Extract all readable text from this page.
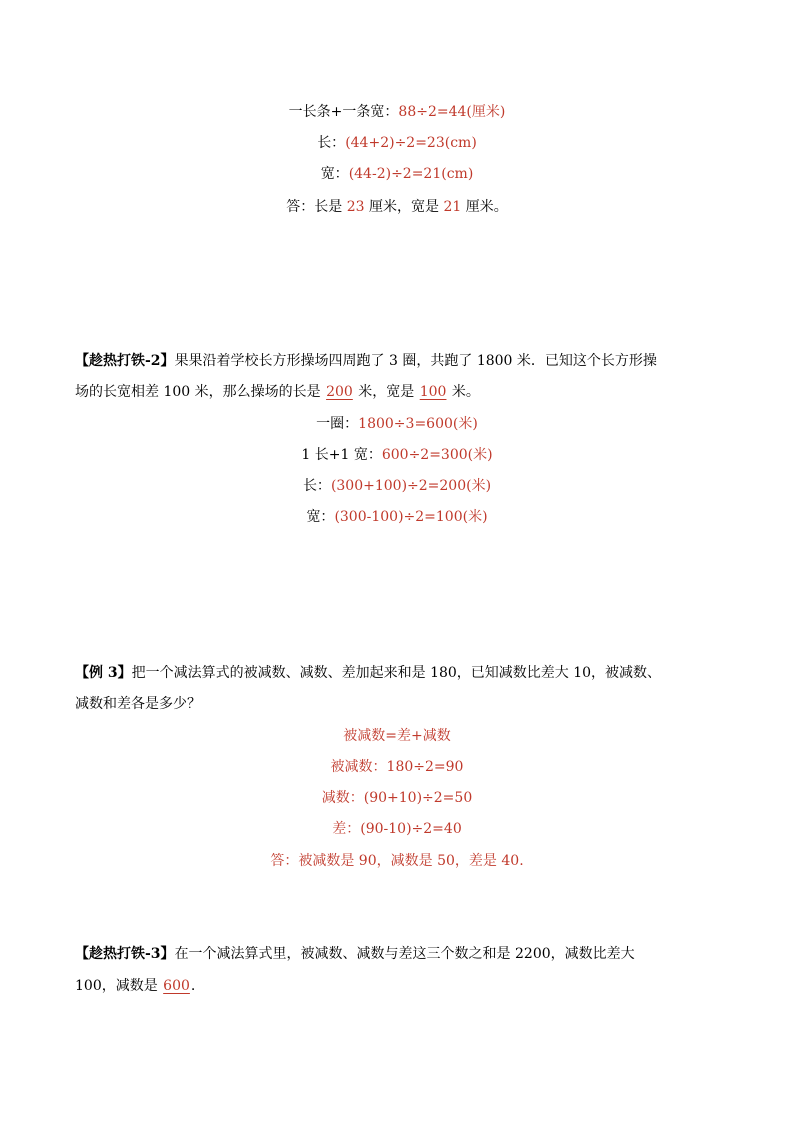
一长条+一条宽：88÷2=44(厘米)
长：(44+2)÷2=23(cm)
宽：(44-2)÷2=21(cm)
答：长是 23 厘米，宽是 21 厘米。
【趁热打铁-2】果果沿着学校长方形操场四周跑了 3 圈，共跑了 1800 米．已知这个长方形操
场的长宽相差 100 米，那么操场的长是 200 米，宽是 100 米。
一圈：1800÷3=600(米)
1 长+1 宽：600÷2=300(米)
长：(300+100)÷2=200(米)
宽：(300-100)÷2=100(米)
【例 3】把一个减法算式的被减数、减数、差加起来和是 180，已知减数比差大 10，被减数、
减数和差各是多少？
被减数=差+减数
被减数：180÷2=90
减数：(90+10)÷2=50
差：(90-10)÷2=40
答：被减数是 90，减数是 50，差是 40.
【趁热打铁-3】在一个减法算式里，被减数、减数与差这三个数之和是 2200，减数比差大
100，减数是 600.
